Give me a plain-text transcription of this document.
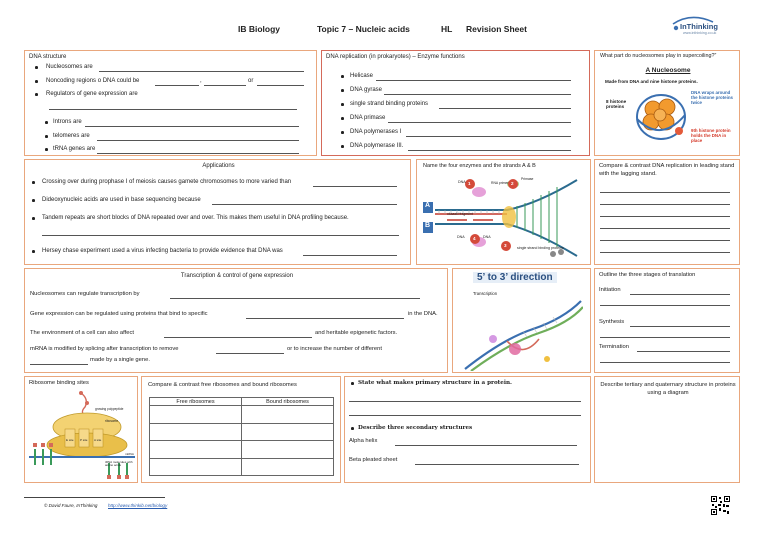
IB Biology	Topic 7 – Nucleic acids	HL Revision Sheet	InThinking
www.inthinking.co.uk
DNA structure
Nucleosomes are
Noncoding regions o DNA could be	,	or
Regulators of gene expression are
Introns are
telomeres are
tRNA genes are
DNA replication (in prokaryotes) – Enzyme functions
Helicase
DNA gyrase
single strand binding proteins
DNA primase
DNA polymerases I
DNA polymerase III.
What part do nucleosomes play in supercoiling?”
A Nucleosome
Made from DNA and nine histone proteins.
8 histone proteins
DNA wraps around the histone proteins twice
9th histone protein holds the DNA in place
Applications
Crossing over during prophase I of meiosis causes gamete chromosomes to more varied than
Dideoxynucleic acids are used in base sequencing because
Tandem repeats are short blocks of DNA repeated over and over. This makes them useful in DNA profiling because.
Hersey chase experiment used a virus infecting bacteria to provide evidence that DNA was
Name the four enzymes and the strands A & B
A
B
1	2
3
4
DNA	RNA primer
Primase
okazaki fragment
DNA	DNA
single strand binding proteins
Compare & contrast DNA replication in leading stand with the lagging stand.
Transcription & control of gene expression
Nucleosomes can regulate transcription by
Gene expression can be regulated using proteins that bind to specific	in the DNA.
The environment of a cell can also affect	and heritable epigenetic factors.
mRNA is modified by splicing after transcription to remove	or to increase the number of different
made by a single gene.
5’ to 3’ direction
Transcription
Outline the three stages of translation
Initiation
Synthesis
Termination
Ribosome binding sites
growing polypeptide
ribosome
E site P site A site
mRNA
tRNA molecules with amino acids
Compare & contrast free ribosomes and bound ribosomes
Free ribosomes	Bound ribosomes

State what makes primary structure in a protein.
Describe three secondary structures
Alpha helix
Beta pleated sheet
Describe tertiary and quaternary structure in proteins using a diagram
© David Faure, InThinking http://www.thinkib.net/biology
